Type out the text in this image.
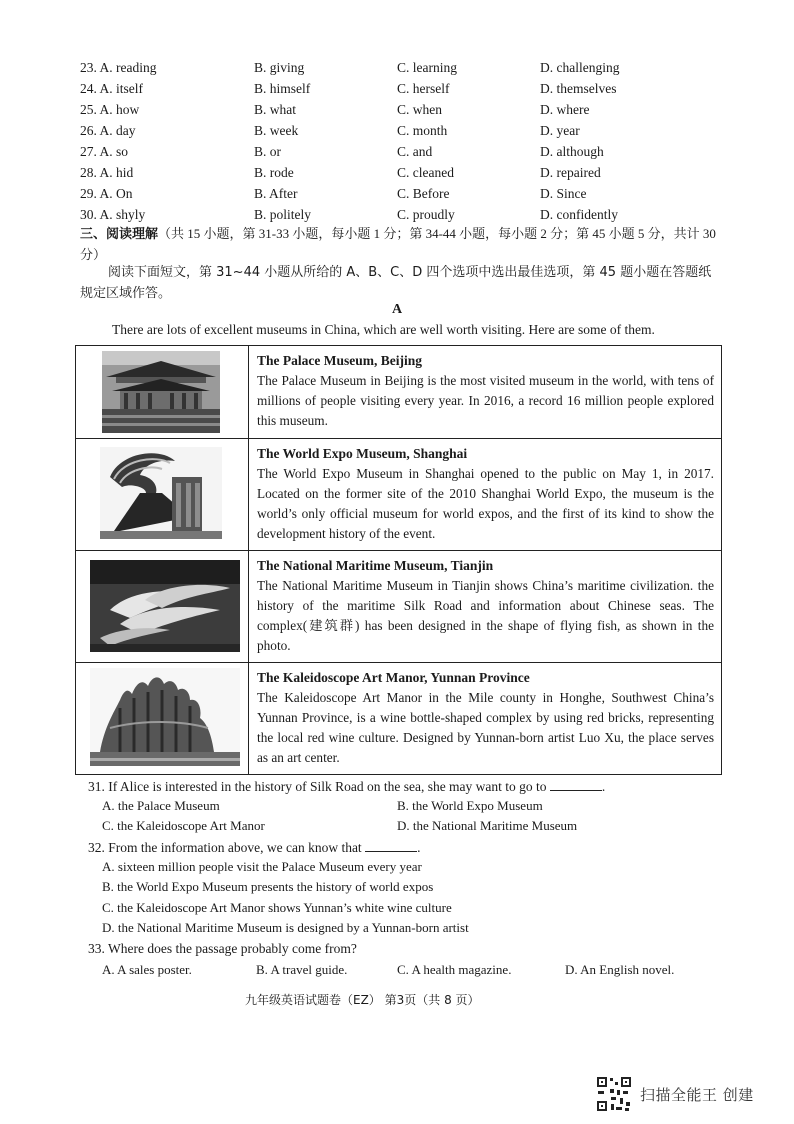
23. A. reading	B. giving	C. learning	D. challenging
24. A. itself	B. himself	C. herself	D. themselves
25. A. how	B. what	C. when	D. where
26. A. day	B. week	C. month	D. year
27. A. so	B. or	C. and	D. although
28. A. hid	B. rode	C. cleaned	D. repaired
29. A. On	B. After	C. Before	D. Since
30. A. shyly	B. politely	C. proudly	D. confidently
三、阅读理解（共 15 小题，第 31-33 小题，每小题 1 分；第 34-44 小题，每小题 2 分；第 45 小题 5 分，共计 30 分）
阅读下面短文，第 31~44 小题从所给的 A、B、C、D 四个选项中选出最佳选项，第 45 题小题在答题纸规定区域作答。
A
There are lots of excellent museums in China, which are well worth visiting. Here are some of them.

The Palace Museum, Beijing
The Palace Museum in Beijing is the most visited museum in the world, with tens of millions of people visiting every year. In 2016, a record 16 million people explored this museum.

The World Expo Museum, Shanghai
The World Expo Museum in Shanghai opened to the public on May 1, in 2017. Located on the former site of the 2010 Shanghai World Expo, the museum is the world’s only official museum for world expos, and the first of its kind to show the development history of the event.

The National Maritime Museum, Tianjin
The National Maritime Museum in Tianjin shows China’s maritime civilization. the history of the maritime Silk Road and information about Chinese seas. The complex(建筑群) has been designed in the shape of flying fish, as shown in the photo.

The Kaleidoscope Art Manor, Yunnan Province
The Kaleidoscope Art Manor in the Mile county in Honghe, Southwest China’s Yunnan Province, is a wine bottle-shaped complex by using red bricks, representing the local red wine culture. Designed by Yunnan-born artist Luo Xu, the place serves as an art center.
31. If Alice is interested in the history of Silk Road on the sea, she may want to go to	.
A. the Palace Museum	B. the World Expo Museum
C. the Kaleidoscope Art Manor	D. the National Maritime Museum
32. From the information above, we can know that	.
A. sixteen million people visit the Palace Museum every year
B. the World Expo Museum presents the history of world expos
C. the Kaleidoscope Art Manor shows Yunnan’s white wine culture
D. the National Maritime Museum is designed by a Yunnan-born artist
33. Where does the passage probably come from?
A. A sales poster.	B. A travel guide.	C. A health magazine.	D. An English novel.
九年级英语试题卷（EZ） 第3页（共 8 页）
扫描全能王 创建
